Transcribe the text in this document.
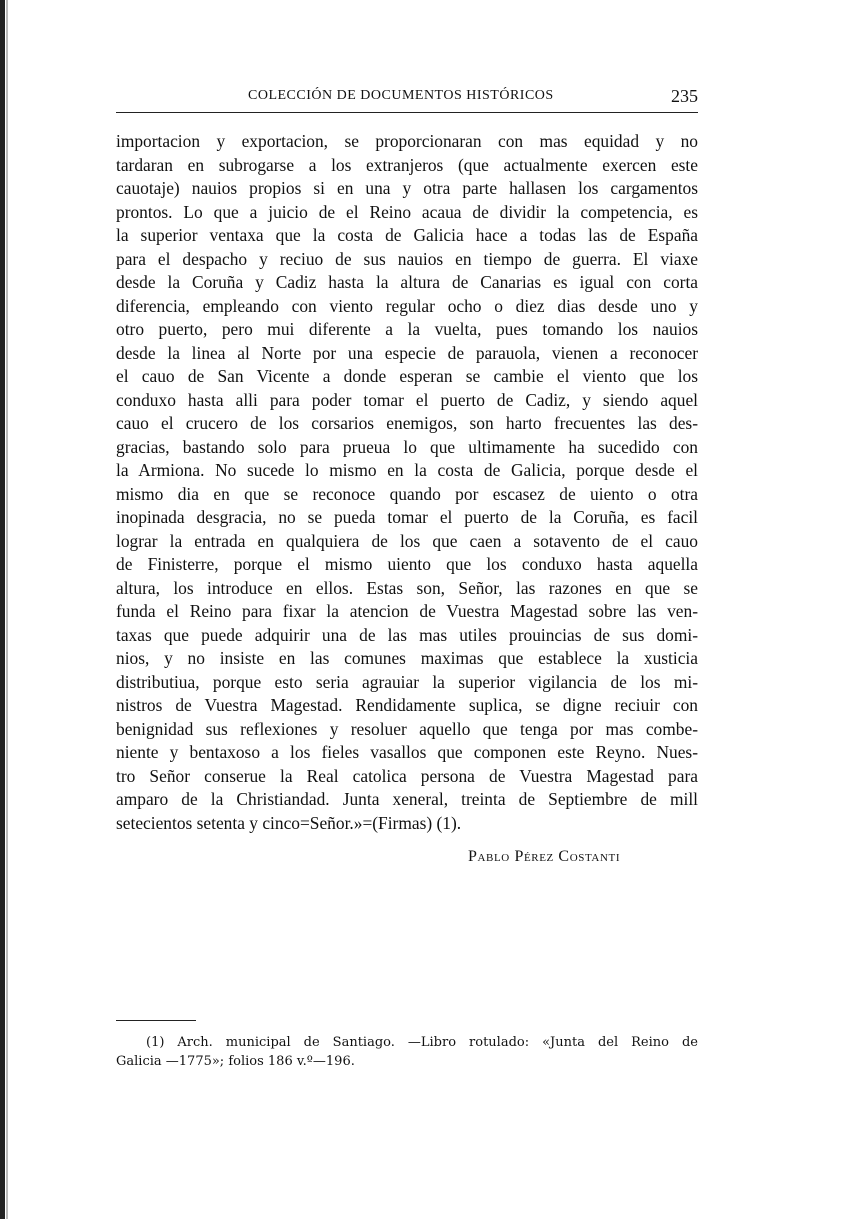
COLECCIÓN DE DOCUMENTOS HISTÓRICOS	235
importacion y exportacion, se proporcionaran con mas equidad y no
tardaran en subrogarse a los extranjeros (que actualmente exercen este
cauotaje) nauios propios si en una y otra parte hallasen los cargamentos
prontos. Lo que a juicio de el Reino acaua de dividir la competencia, es
la superior ventaxa que la costa de Galicia hace a todas las de España
para el despacho y reciuo de sus nauios en tiempo de guerra. El viaxe
desde la Coruña y Cadiz hasta la altura de Canarias es igual con corta
diferencia, empleando con viento regular ocho o diez dias desde uno y
otro puerto, pero mui diferente a la vuelta, pues tomando los nauios
desde la linea al Norte por una especie de parauola, vienen a reconocer
el cauo de San Vicente a donde esperan se cambie el viento que los
conduxo hasta alli para poder tomar el puerto de Cadiz, y siendo aquel
cauo el crucero de los corsarios enemigos, son harto frecuentes las des-
gracias, bastando solo para prueua lo que ultimamente ha sucedido con
la Armiona. No sucede lo mismo en la costa de Galicia, porque desde el
mismo dia en que se reconoce quando por escasez de uiento o otra
inopinada desgracia, no se pueda tomar el puerto de la Coruña, es facil
lograr la entrada en qualquiera de los que caen a sotavento de el cauo
de Finisterre, porque el mismo uiento que los conduxo hasta aquella
altura, los introduce en ellos. Estas son, Señor, las razones en que se
funda el Reino para fixar la atencion de Vuestra Magestad sobre las ven-
taxas que puede adquirir una de las mas utiles prouincias de sus domi-
nios, y no insiste en las comunes maximas que establece la xusticia
distributiua, porque esto seria agrauiar la superior vigilancia de los mi-
nistros de Vuestra Magestad. Rendidamente suplica, se digne reciuir con
benignidad sus reflexiones y resoluer aquello que tenga por mas combe-
niente y bentaxoso a los fieles vasallos que componen este Reyno. Nues-
tro Señor conserue la Real catolica persona de Vuestra Magestad para
amparo de la Christiandad. Junta xeneral, treinta de Septiembre de mill
setecientos setenta y cinco=Señor.»=(Firmas) (1).
Pablo Pérez Costanti
(1) Arch. municipal de Santiago. —Libro rotulado: «Junta del Reino de
Galicia —1775»; folios 186 v.º—196.
